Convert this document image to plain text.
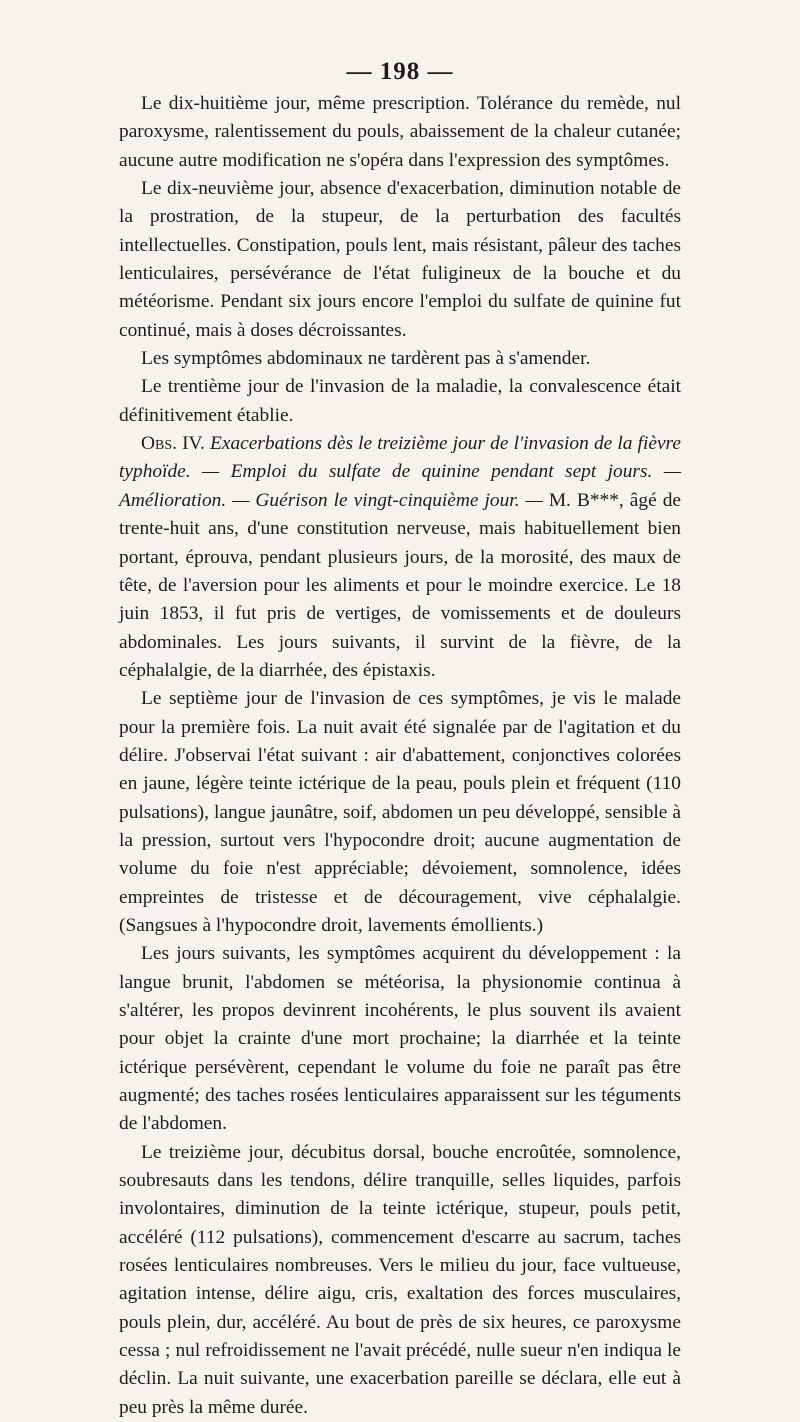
— 198 —

Le dix-huitième jour, même prescription. Tolérance du remède, nul paroxysme, ralentissement du pouls, abaissement de la chaleur cutanée; aucune autre modification ne s'opéra dans l'expression des symptômes.

Le dix-neuvième jour, absence d'exacerbation, diminution notable de la prostration, de la stupeur, de la perturbation des facultés intellectuelles. Constipation, pouls lent, mais résistant, pâleur des taches lenticulaires, persévérance de l'état fuligineux de la bouche et du météorisme. Pendant six jours encore l'emploi du sulfate de quinine fut continué, mais à doses décroissantes.

Les symptômes abdominaux ne tardèrent pas à s'amender.

Le trentième jour de l'invasion de la maladie, la convalescence était définitivement établie.

Obs. IV. Exacerbations dès le treizième jour de l'invasion de la fièvre typhoïde. — Emploi du sulfate de quinine pendant sept jours. — Amélioration. — Guérison le vingt-cinquième jour. — M. B***, âgé de trente-huit ans, d'une constitution nerveuse, mais habituellement bien portant, éprouva, pendant plusieurs jours, de la morosité, des maux de tête, de l'aversion pour les aliments et pour le moindre exercice. Le 18 juin 1853, il fut pris de vertiges, de vomissements et de douleurs abdominales. Les jours suivants, il survint de la fièvre, de la céphalalgie, de la diarrhée, des épistaxis.

Le septième jour de l'invasion de ces symptômes, je vis le malade pour la première fois. La nuit avait été signalée par de l'agitation et du délire. J'observai l'état suivant : air d'abattement, conjonctives colorées en jaune, légère teinte ictérique de la peau, pouls plein et fréquent (110 pulsations), langue jaunâtre, soif, abdomen un peu développé, sensible à la pression, surtout vers l'hypocondre droit; aucune augmentation de volume du foie n'est appréciable; dévoiement, somnolence, idées empreintes de tristesse et de découragement, vive céphalalgie. (Sangsues à l'hypocondre droit, lavements émollients.)

Les jours suivants, les symptômes acquirent du développement : la langue brunit, l'abdomen se météorisa, la physionomie continua à s'altérer, les propos devinrent incohérents, le plus souvent ils avaient pour objet la crainte d'une mort prochaine; la diarrhée et la teinte ictérique persévèrent, cependant le volume du foie ne paraît pas être augmenté; des taches rosées lenticulaires apparaissent sur les téguments de l'abdomen.

Le treizième jour, décubitus dorsal, bouche encroûtée, somnolence, soubresauts dans les tendons, délire tranquille, selles liquides, parfois involontaires, diminution de la teinte ictérique, stupeur, pouls petit, accéléré (112 pulsations), commencement d'escarre au sacrum, taches rosées lenticulaires nombreuses. Vers le milieu du jour, face vultueuse, agitation intense, délire aigu, cris, exaltation des forces musculaires, pouls plein, dur, accéléré. Au bout de près de six heures, ce paroxysme cessa ; nul refroidissement ne l'avait précédé, nulle sueur n'en indiqua le déclin. La nuit suivante, une exacerbation pareille se déclara, elle eut à peu près la même durée.
